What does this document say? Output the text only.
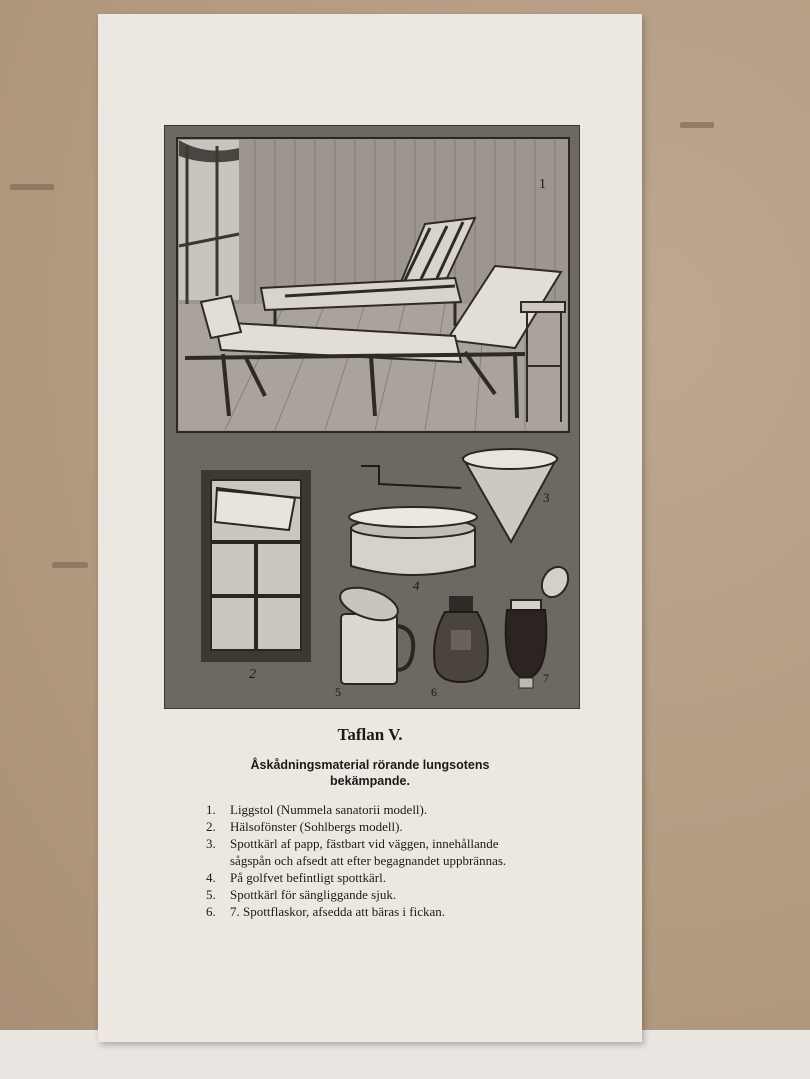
1
2
3
4
5	6
7
Taflan V.
Åskådningsmaterial rörande lungsotens bekämpande.
1.	Liggstol (Nummela sanatorii modell).
2.	Hälsofönster (Sohlbergs modell).
3.	Spottkärl af papp, fästbart vid väggen, innehållande sågspån och afsedt att efter begagnandet uppbrännas.
4.	På golfvet befintligt spottkärl.
5.	Spottkärl för sängliggande sjuk.
6.	7. Spottflaskor, afsedda att bäras i fickan.
